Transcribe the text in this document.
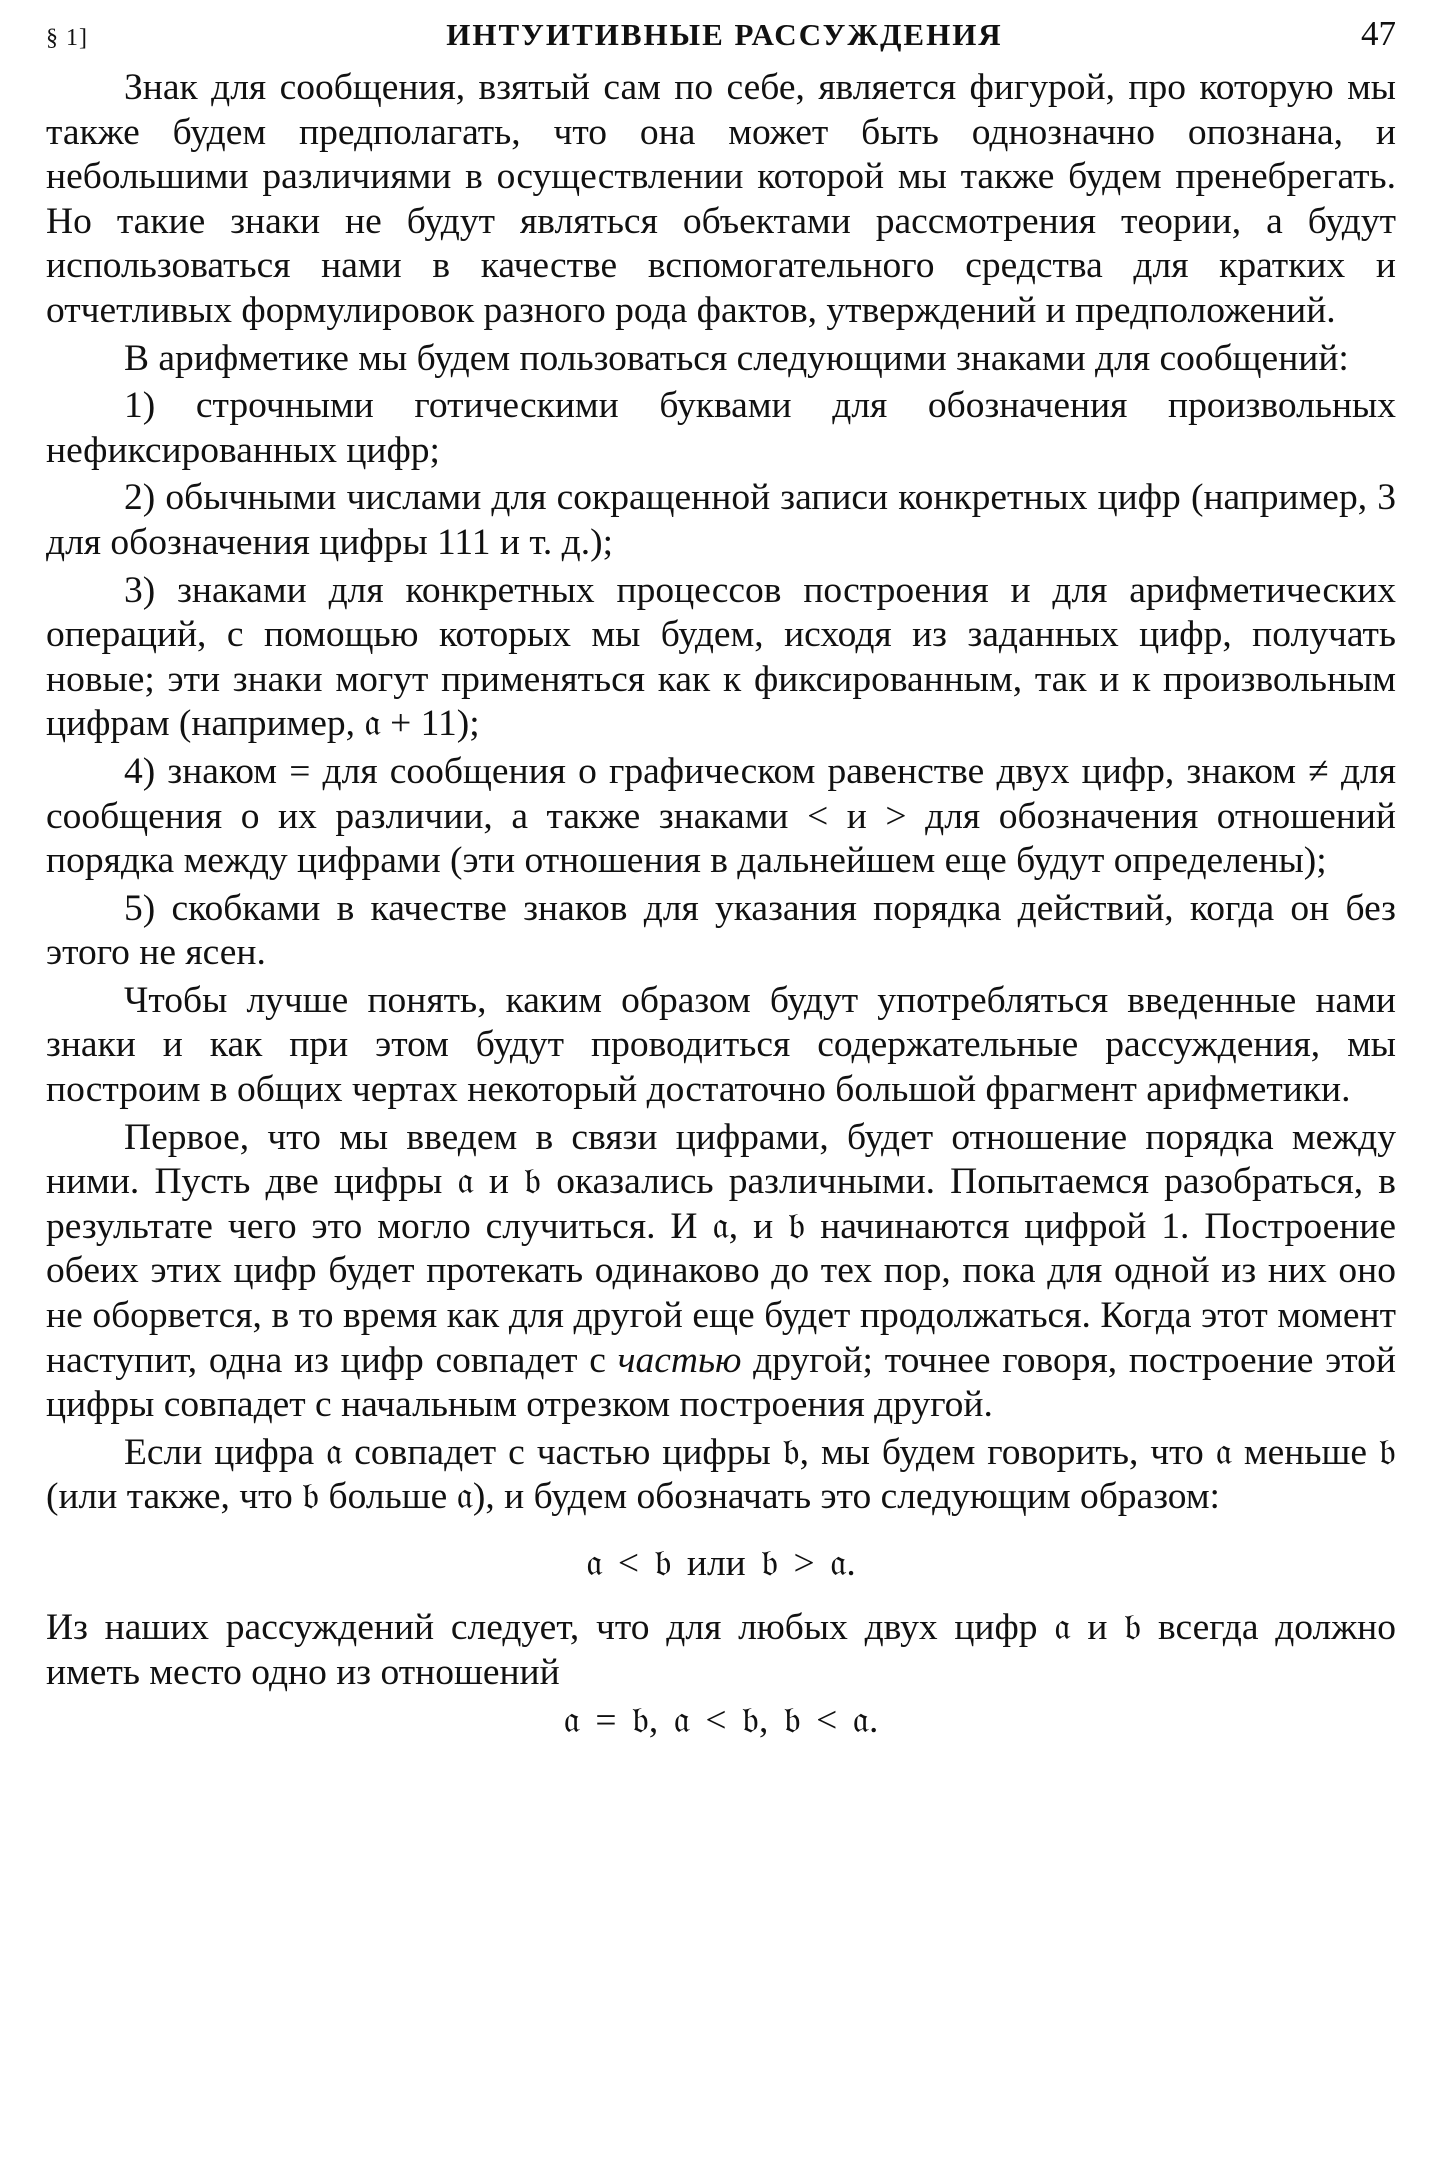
§ 1]	ИНТУИТИВНЫЕ РАССУЖДЕНИЯ	47

Знак для сообщения, взятый сам по себе, является фигурой, про которую мы также будем предполагать, что она может быть однозначно опознана, и небольшими различиями в осуществлении которой мы также будем пренебрегать. Но такие знаки не будут являться объектами рассмотрения теории, а будут использоваться нами в качестве вспомогательного средства для кратких и отчетливых формулировок разного рода фактов, утверждений и предположений.

В арифметике мы будем пользоваться следующими знаками для сообщений:

1) строчными готическими буквами для обозначения произвольных нефиксированных цифр;

2) обычными числами для сокращенной записи конкретных цифр (например, 3 для обозначения цифры 111 и т. д.);

3) знаками для конкретных процессов построения и для арифметических операций, с помощью которых мы будем, исходя из заданных цифр, получать новые; эти знаки могут применяться как к фиксированным, так и к произвольным цифрам (например, 𝔞 + 11);

4) знаком = для сообщения о графическом равенстве двух цифр, знаком ≠ для сообщения о их различии, а также знаками < и > для обозначения отношений порядка между цифрами (эти отношения в дальнейшем еще будут определены);

5) скобками в качестве знаков для указания порядка действий, когда он без этого не ясен.

Чтобы лучше понять, каким образом будут употребляться введенные нами знаки и как при этом будут проводиться содержательные рассуждения, мы построим в общих чертах некоторый достаточно большой фрагмент арифметики.

Первое, что мы введем в связи цифрами, будет отношение порядка между ними. Пусть две цифры 𝔞 и 𝔟 оказались различными. Попытаемся разобраться, в результате чего это могло случиться. И 𝔞, и 𝔟 начинаются цифрой 1. Построение обеих этих цифр будет протекать одинаково до тех пор, пока для одной из них оно не оборвется, в то время как для другой еще будет продолжаться. Когда этот момент наступит, одна из цифр совпадет с частью другой; точнее говоря, построение этой цифры совпадет с начальным отрезком построения другой.

Если цифра 𝔞 совпадет с частью цифры 𝔟, мы будем говорить, что 𝔞 меньше 𝔟 (или также, что 𝔟 больше 𝔞), и будем обозначать это следующим образом:

𝔞 < 𝔟 или 𝔟 > 𝔞.

Из наших рассуждений следует, что для любых двух цифр 𝔞 и 𝔟 всегда должно иметь место одно из отношений

𝔞 = 𝔟, 𝔞 < 𝔟, 𝔟 < 𝔞.
